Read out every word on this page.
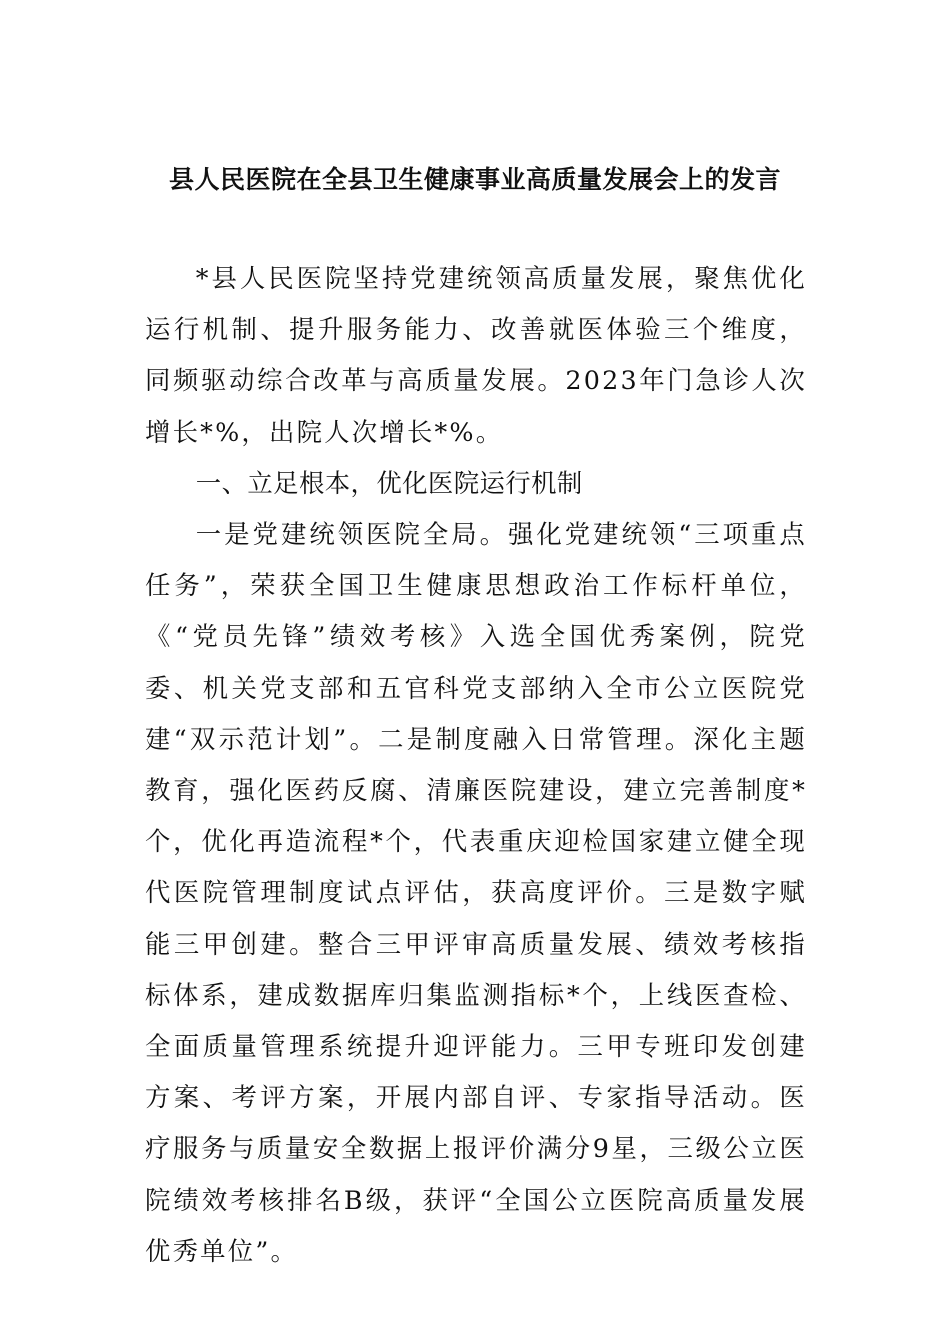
县人民医院在全县卫生健康事业高质量发展会上的发言

*县人民医院坚持党建统领高质量发展，聚焦优化运行机制、提升服务能力、改善就医体验三个维度，同频驱动综合改革与高质量发展。2023年门急诊人次增长*%，出院人次增长*%。

一、立足根本，优化医院运行机制

一是党建统领医院全局。强化党建统领“三项重点任务”，荣获全国卫生健康思想政治工作标杆单位，《“党员先锋”绩效考核》入选全国优秀案例，院党委、机关党支部和五官科党支部纳入全市公立医院党建“双示范计划”。二是制度融入日常管理。深化主题教育，强化医药反腐、清廉医院建设，建立完善制度*个，优化再造流程*个，代表重庆迎检国家建立健全现代医院管理制度试点评估，获高度评价。三是数字赋能三甲创建。整合三甲评审高质量发展、绩效考核指标体系，建成数据库归集监测指标*个，上线医查检、全面质量管理系统提升迎评能力。三甲专班印发创建方案、考评方案，开展内部自评、专家指导活动。医疗服务与质量安全数据上报评价满分9星，三级公立医院绩效考核排名B级，获评“全国公立医院高质量发展优秀单位”。
